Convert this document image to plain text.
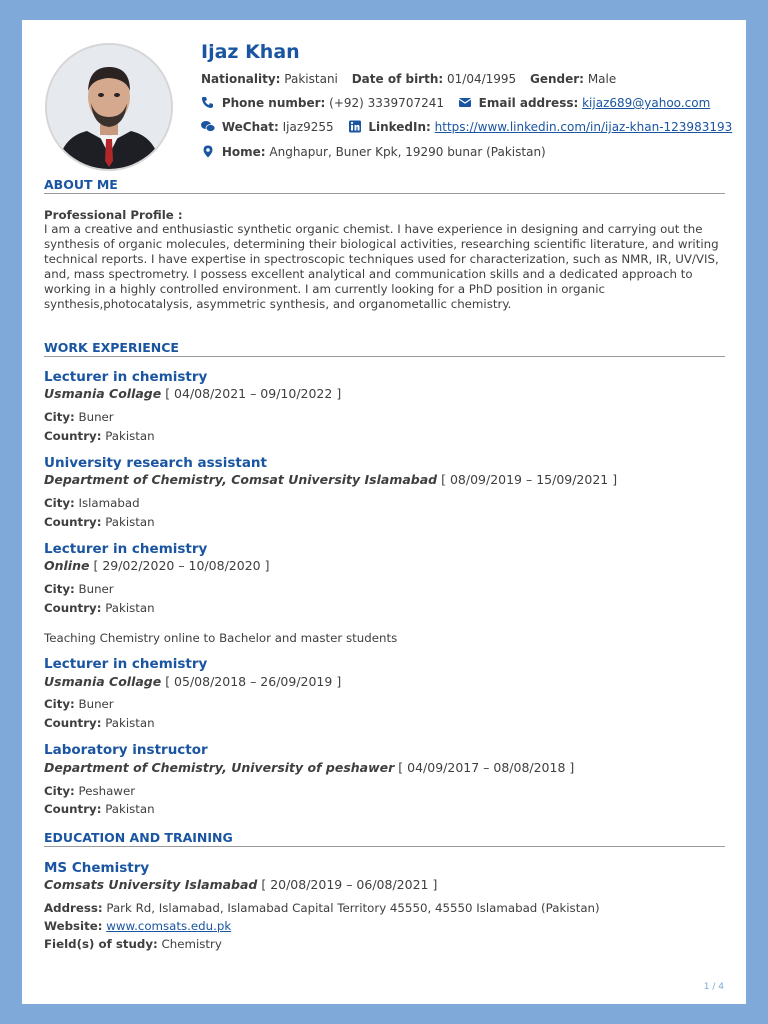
Ijaz Khan
Nationality: Pakistani Date of birth: 01/04/1995 Gender: Male
Phone number: (+92) 3339707241	Email address: kijaz689@yahoo.com
WeChat: Ijaz9255	LinkedIn: https://www.linkedin.com/in/ijaz-khan-123983193
Home: Anghapur, Buner Kpk, 19290 bunar (Pakistan)
ABOUT ME
Professional Profile :
I am a creative and enthusiastic synthetic organic chemist. I have experience in designing and carrying out the
synthesis of organic molecules, determining their biological activities, researching scientific literature, and writing
technical reports. I have expertise in spectroscopic techniques used for characterization, such as NMR, IR, UV/VIS,
and, mass spectrometry. I possess excellent analytical and communication skills and a dedicated approach to
working in a highly controlled environment. I am currently looking for a PhD position in organic
synthesis,photocatalysis, asymmetric synthesis, and organometallic chemistry.
WORK EXPERIENCE
Lecturer in chemistry
Usmania Collage [ 04/08/2021 – 09/10/2022 ]
City: Buner
Country: Pakistan
University research assistant
Department of Chemistry, Comsat University Islamabad [ 08/09/2019 – 15/09/2021 ]
City: Islamabad
Country: Pakistan
Lecturer in chemistry
Online [ 29/02/2020 – 10/08/2020 ]
City: Buner
Country: Pakistan
Teaching Chemistry online to Bachelor and master students
Lecturer in chemistry
Usmania Collage [ 05/08/2018 – 26/09/2019 ]
City: Buner
Country: Pakistan
Laboratory instructor
Department of Chemistry, University of peshawer [ 04/09/2017 – 08/08/2018 ]
City: Peshawer
Country: Pakistan
EDUCATION AND TRAINING
MS Chemistry
Comsats University Islamabad [ 20/08/2019 – 06/08/2021 ]
Address: Park Rd, Islamabad, Islamabad Capital Territory 45550, 45550 Islamabad (Pakistan)
Website: www.comsats.edu.pk
Field(s) of study: Chemistry
1 / 4
